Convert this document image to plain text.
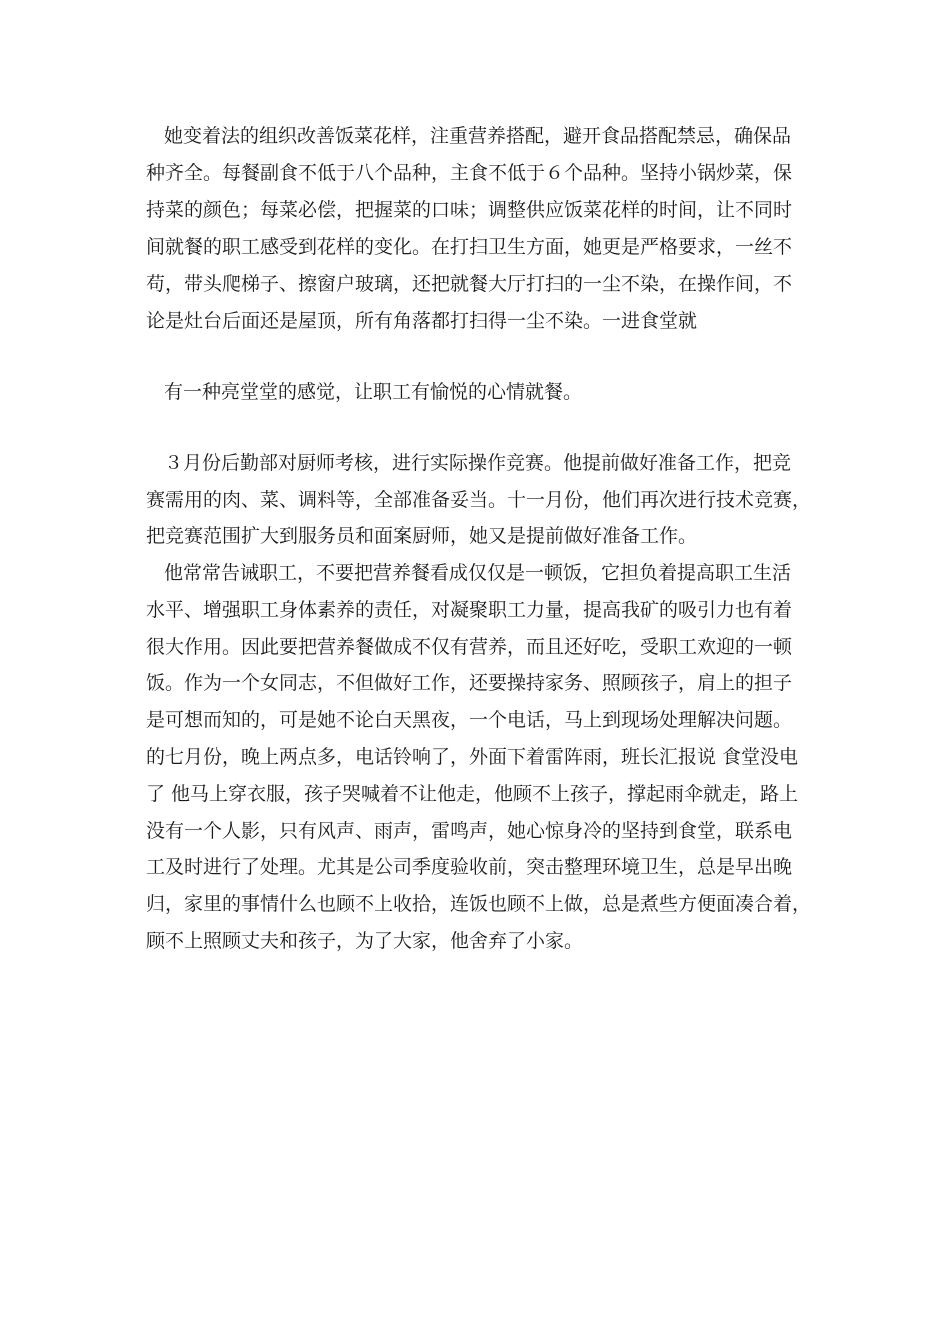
她变着法的组织改善饭菜花样，注重营养搭配，避开食品搭配禁忌，确保品

种齐全。每餐副食不低于八个品种，主食不低于６个品种。坚持小锅炒菜，保

持菜的颜色；每菜必偿，把握菜的口味；调整供应饭菜花样的时间，让不同时

间就餐的职工感受到花样的变化。在打扫卫生方面，她更是严格要求，一丝不

苟，带头爬梯子、擦窗户玻璃，还把就餐大厅打扫的一尘不染，在操作间，不

论是灶台后面还是屋顶，所有角落都打扫得一尘不染。一进食堂就

有一种亮堂堂的感觉，让职工有愉悦的心情就餐。

３月份后勤部对厨师考核，进行实际操作竞赛。他提前做好准备工作，把竞

赛需用的肉、菜、调料等，全部准备妥当。十一月份，他们再次进行技术竞赛，

把竞赛范围扩大到服务员和面案厨师，她又是提前做好准备工作。

他常常告诫职工，不要把营养餐看成仅仅是一顿饭，它担负着提高职工生活

水平、增强职工身体素养的责任，对凝聚职工力量，提高我矿的吸引力也有着

很大作用。因此要把营养餐做成不仅有营养，而且还好吃，受职工欢迎的一顿

饭。作为一个女同志，不但做好工作，还要操持家务、照顾孩子，肩上的担子

是可想而知的，可是她不论白天黑夜，一个电话，马上到现场处理解决问题。

的七月份，晚上两点多，电话铃响了，外面下着雷阵雨，班长汇报说 食堂没电

了 他马上穿衣服，孩子哭喊着不让他走，他顾不上孩子，撑起雨伞就走，路上

没有一个人影，只有风声、雨声，雷鸣声，她心惊身冷的坚持到食堂，联系电

工及时进行了处理。尤其是公司季度验收前，突击整理环境卫生，总是早出晚

归，家里的事情什么也顾不上收拾，连饭也顾不上做，总是煮些方便面凑合着，

顾不上照顾丈夫和孩子，为了大家，他舍弃了小家。
